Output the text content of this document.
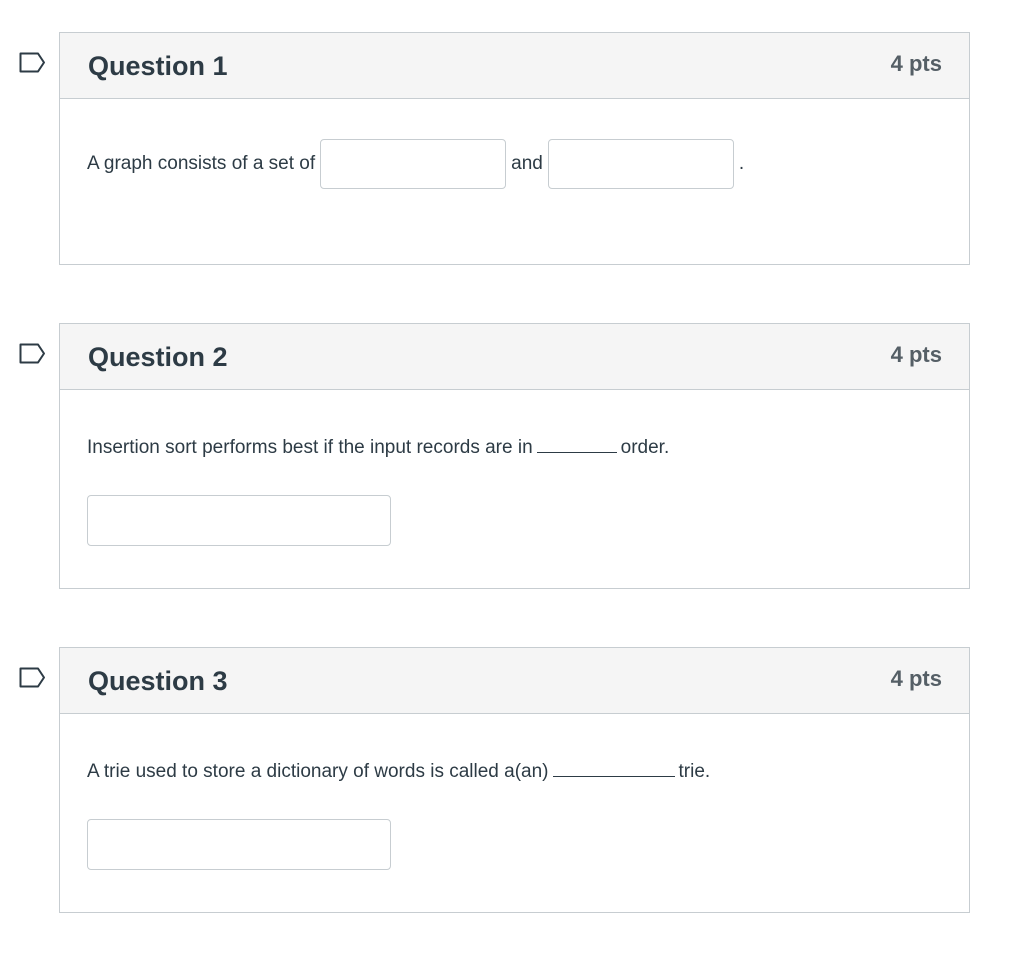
Question 1	4 pts
A graph consists of a set of	and	.
Question 2	4 pts
Insertion sort performs best if the input records are in	order.
Question 3	4 pts
A trie used to store a dictionary of words is called a(an)	trie.
